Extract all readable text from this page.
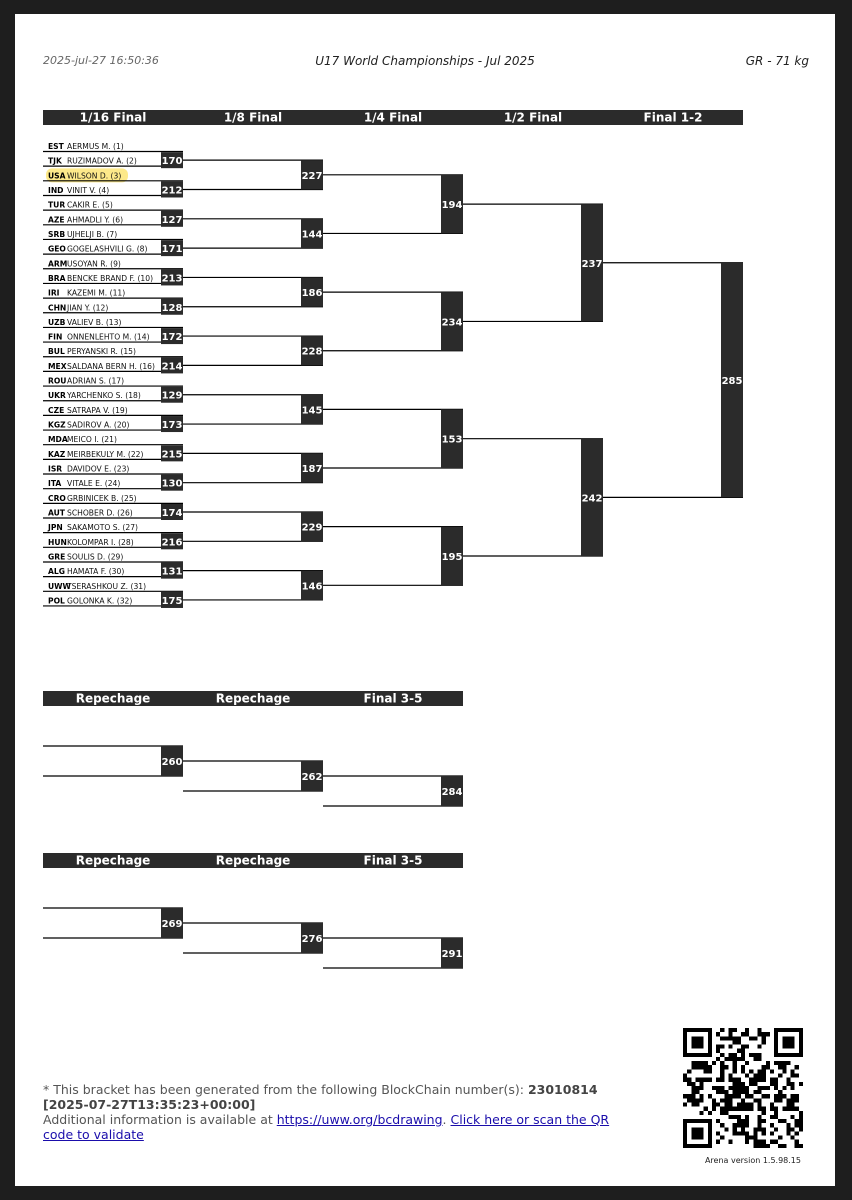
2025-jul-27 16:50:36	U17 World Championships - Jul 2025	GR - 71 kg
1/16 Final	1/8 Final	1/4 Final	1/2 Final	Final 1-2
EST AERMUS M. (1)
TJK RUZIMADOV A. (2)
USA WILSON D. (3)
IND VINIT V. (4)
TUR CAKIR E. (5)
AZE AHMADLI Y. (6)
SRB UJHELJI B. (7)
GEO GOGELASHVILI G. (8)
ARM USOYAN R. (9)
BRA BENCKE BRAND F. (10)
IRI KAZEMI M. (11)
CHN JIAN Y. (12)
UZB VALIEV B. (13)
FIN ONNENLEHTO M. (14)
BUL PERYANSKI R. (15)
MEX SALDANA BERN H. (16)
ROU ADRIAN S. (17)
UKR YARCHENKO S. (18)
CZE SATRAPA V. (19)
KGZ SADIROV A. (20)
MDA MEICO I. (21)
KAZ MEIRBEKULY M. (22)
ISR DAVIDOV E. (23)
ITA VITALE E. (24)
CRO GRBINICEK B. (25)
AUT SCHOBER D. (26)
JPN SAKAMOTO S. (27)
HUN KOLOMPAR I. (28)
GRE SOULIS D. (29)
ALG HAMATA F. (30)
UWW
TSERASHKOU Z. (31)
POL GOLONKA K. (32)
170
212
127
171
213
128
172
214
129
173
215
130
174
216
131
175
227
144
186
228
145
187
229
146
194
234
153
195
237
242
285
Repechage	Repechage	Final 3-5
260
262
284
Repechage	Repechage	Final 3-5
269
276
291
* This bracket has been generated from the following BlockChain number(s): 23010814 [2025-07-27T13:35:23+00:00]
Additional information is available at https://uww.org/bcdrawing. Click here or scan the QR code to validate
Arena version 1.5.98.15
